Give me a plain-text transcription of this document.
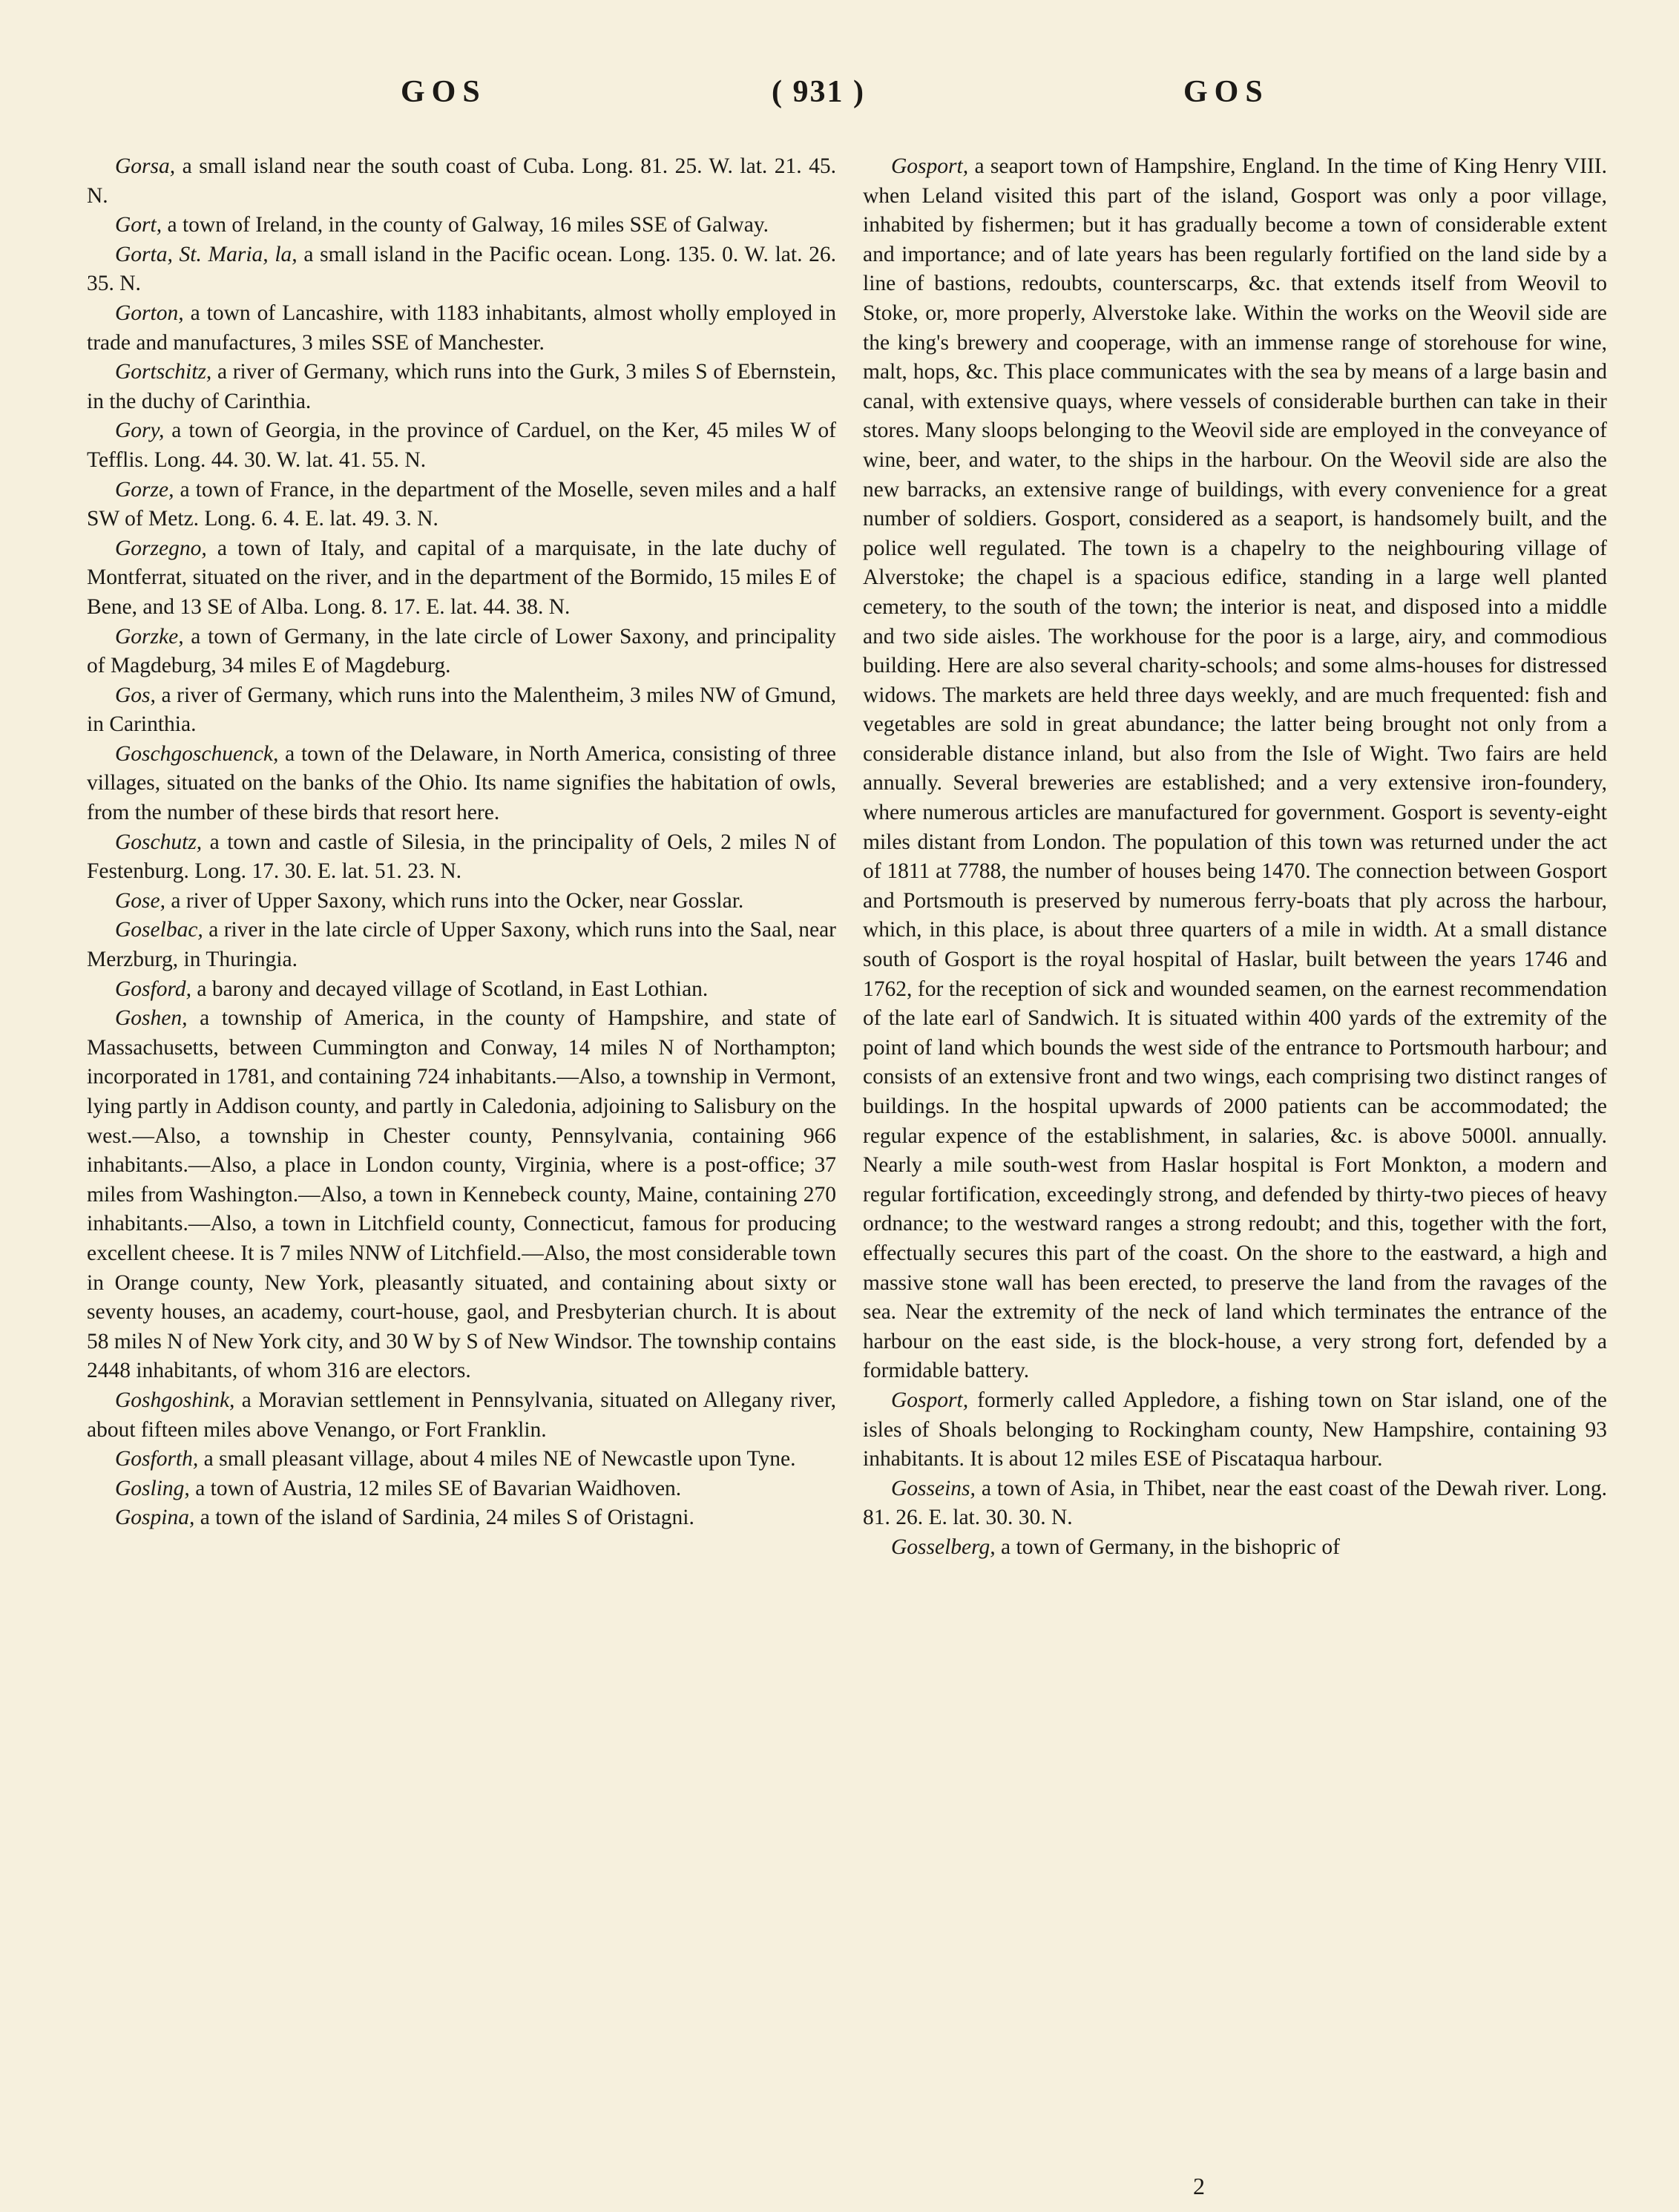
GOS	( 931 )	GOS

Gorsa, a small island near the south coast of Cuba. Long. 81. 25. W. lat. 21. 45. N.

Gort, a town of Ireland, in the county of Galway, 16 miles SSE of Galway.

Gorta, St. Maria, la, a small island in the Pacific ocean. Long. 135. 0. W. lat. 26. 35. N.

Gorton, a town of Lancashire, with 1183 inhabitants, almost wholly employed in trade and manufactures, 3 miles SSE of Manchester.

Gortschitz, a river of Germany, which runs into the Gurk, 3 miles S of Ebernstein, in the duchy of Carinthia.

Gory, a town of Georgia, in the province of Carduel, on the Ker, 45 miles W of Tefflis. Long. 44. 30. W. lat. 41. 55. N.

Gorze, a town of France, in the department of the Moselle, seven miles and a half SW of Metz. Long. 6. 4. E. lat. 49. 3. N.

Gorzegno, a town of Italy, and capital of a marquisate, in the late duchy of Montferrat, situated on the river, and in the department of the Bormido, 15 miles E of Bene, and 13 SE of Alba. Long. 8. 17. E. lat. 44. 38. N.

Gorzke, a town of Germany, in the late circle of Lower Saxony, and principality of Magdeburg, 34 miles E of Magdeburg.

Gos, a river of Germany, which runs into the Malentheim, 3 miles NW of Gmund, in Carinthia.

Goschgoschuenck, a town of the Delaware, in North America, consisting of three villages, situated on the banks of the Ohio. Its name signifies the habitation of owls, from the number of these birds that resort here.

Goschutz, a town and castle of Silesia, in the principality of Oels, 2 miles N of Festenburg. Long. 17. 30. E. lat. 51. 23. N.

Gose, a river of Upper Saxony, which runs into the Ocker, near Gosslar.

Goselbac, a river in the late circle of Upper Saxony, which runs into the Saal, near Merzburg, in Thuringia.

Gosford, a barony and decayed village of Scotland, in East Lothian.

Goshen, a township of America, in the county of Hampshire, and state of Massachusetts, between Cummington and Conway, 14 miles N of Northampton; incorporated in 1781, and containing 724 inhabitants.—Also, a township in Vermont, lying partly in Addison county, and partly in Caledonia, adjoining to Salisbury on the west.—Also, a township in Chester county, Pennsylvania, containing 966 inhabitants.—Also, a place in London county, Virginia, where is a post-office; 37 miles from Washington.—Also, a town in Kennebeck county, Maine, containing 270 inhabitants.—Also, a town in Litchfield county, Connecticut, famous for producing excellent cheese. It is 7 miles NNW of Litchfield.—Also, the most considerable town in Orange county, New York, pleasantly situated, and containing about sixty or seventy houses, an academy, court-house, gaol, and Presbyterian church. It is about 58 miles N of New York city, and 30 W by S of New Windsor. The township contains 2448 inhabitants, of whom 316 are electors.

Goshgoshink, a Moravian settlement in Pennsylvania, situated on Allegany river, about fifteen miles above Venango, or Fort Franklin.

Gosforth, a small pleasant village, about 4 miles NE of Newcastle upon Tyne.

Gosling, a town of Austria, 12 miles SE of Bavarian Waidhoven.

Gospina, a town of the island of Sardinia, 24 miles S of Oristagni.

Gosport, a seaport town of Hampshire, England. In the time of King Henry VIII. when Leland visited this part of the island, Gosport was only a poor village, inhabited by fishermen; but it has gradually become a town of considerable extent and importance; and of late years has been regularly fortified on the land side by a line of bastions, redoubts, counterscarps, &c. that extends itself from Weovil to Stoke, or, more properly, Alverstoke lake. Within the works on the Weovil side are the king's brewery and cooperage, with an immense range of storehouse for wine, malt, hops, &c. This place communicates with the sea by means of a large basin and canal, with extensive quays, where vessels of considerable burthen can take in their stores. Many sloops belonging to the Weovil side are employed in the conveyance of wine, beer, and water, to the ships in the harbour. On the Weovil side are also the new barracks, an extensive range of buildings, with every convenience for a great number of soldiers. Gosport, considered as a seaport, is handsomely built, and the police well regulated. The town is a chapelry to the neighbouring village of Alverstoke; the chapel is a spacious edifice, standing in a large well planted cemetery, to the south of the town; the interior is neat, and disposed into a middle and two side aisles. The workhouse for the poor is a large, airy, and commodious building. Here are also several charity-schools; and some alms-houses for distressed widows. The markets are held three days weekly, and are much frequented: fish and vegetables are sold in great abundance; the latter being brought not only from a considerable distance inland, but also from the Isle of Wight. Two fairs are held annually. Several breweries are established; and a very extensive iron-foundery, where numerous articles are manufactured for government. Gosport is seventy-eight miles distant from London. The population of this town was returned under the act of 1811 at 7788, the number of houses being 1470. The connection between Gosport and Portsmouth is preserved by numerous ferry-boats that ply across the harbour, which, in this place, is about three quarters of a mile in width. At a small distance south of Gosport is the royal hospital of Haslar, built between the years 1746 and 1762, for the reception of sick and wounded seamen, on the earnest recommendation of the late earl of Sandwich. It is situated within 400 yards of the extremity of the point of land which bounds the west side of the entrance to Portsmouth harbour; and consists of an extensive front and two wings, each comprising two distinct ranges of buildings. In the hospital upwards of 2000 patients can be accommodated; the regular expence of the establishment, in salaries, &c. is above 5000l. annually. Nearly a mile south-west from Haslar hospital is Fort Monkton, a modern and regular fortification, exceedingly strong, and defended by thirty-two pieces of heavy ordnance; to the westward ranges a strong redoubt; and this, together with the fort, effectually secures this part of the coast. On the shore to the eastward, a high and massive stone wall has been erected, to preserve the land from the ravages of the sea. Near the extremity of the neck of land which terminates the entrance of the harbour on the east side, is the block-house, a very strong fort, defended by a formidable battery.

Gosport, formerly called Appledore, a fishing town on Star island, one of the isles of Shoals belonging to Rockingham county, New Hampshire, containing 93 inhabitants. It is about 12 miles ESE of Piscataqua harbour.

Gosseins, a town of Asia, in Thibet, near the east coast of the Dewah river. Long. 81. 26. E. lat. 30. 30. N.

Gosselberg, a town of Germany, in the bishopric of

2
